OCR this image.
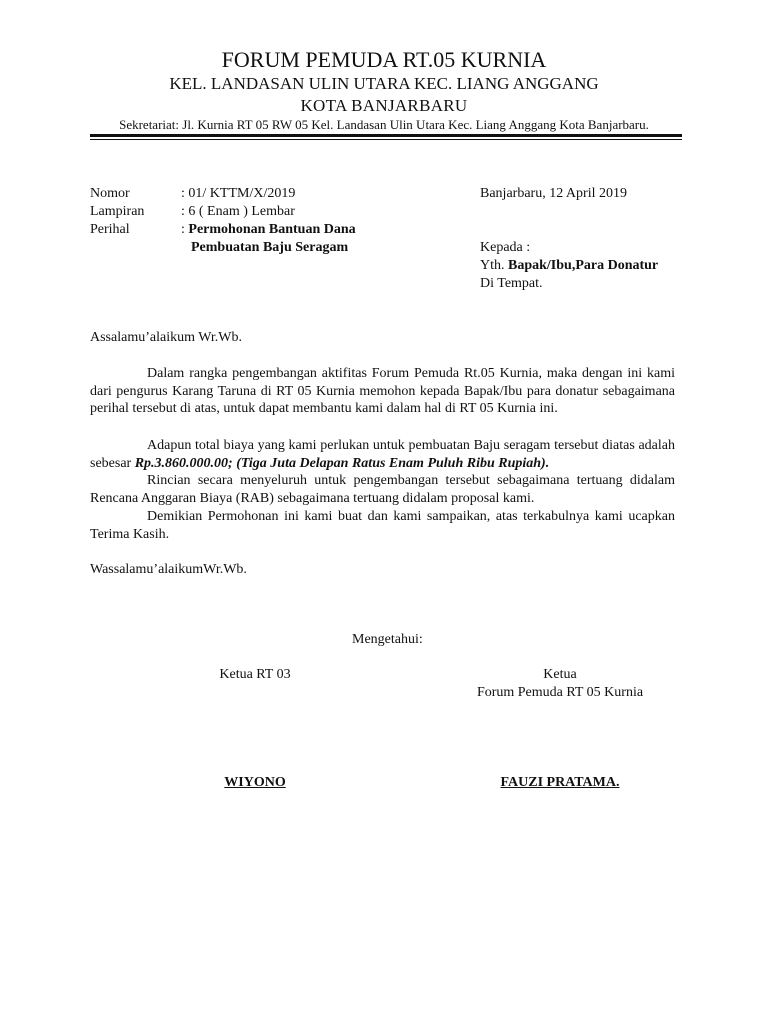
FORUM PEMUDA RT.05 KURNIA
KEL. LANDASAN ULIN UTARA KEC. LIANG ANGGANG
KOTA BANJARBARU
Sekretariat: Jl. Kurnia RT 05 RW 05 Kel. Landasan Ulin Utara Kec. Liang Anggang Kota Banjarbaru.
Nomor	: 01/ KTTM/X/2019
Lampiran	: 6 ( Enam ) Lembar
Perihal	: Permohonan Bantuan Dana
Pembuatan Baju Seragam
Banjarbaru, 12 April 2019
Kepada :
Yth. Bapak/Ibu,Para Donatur
Di Tempat.
Assalamu’alaikum Wr.Wb.
Dalam rangka pengembangan aktifitas Forum Pemuda Rt.05 Kurnia, maka dengan ini kami dari pengurus Karang Taruna di RT 05 Kurnia memohon kepada Bapak/Ibu para donatur sebagaimana perihal tersebut di atas, untuk dapat membantu kami dalam hal di RT 05 Kurnia ini.
Adapun total biaya yang kami perlukan untuk pembuatan Baju seragam tersebut diatas adalah sebesar Rp.3.860.000.00; (Tiga Juta Delapan Ratus Enam Puluh Ribu Rupiah).
Rincian secara menyeluruh untuk pengembangan tersebut sebagaimana tertuang didalam Rencana Anggaran Biaya (RAB) sebagaimana tertuang didalam proposal kami.
Demikian Permohonan ini kami buat dan kami sampaikan, atas terkabulnya kami ucapkan Terima Kasih.
Wassalamu’alaikumWr.Wb.
Mengetahui:
Ketua RT 03
WIYONO
Ketua
Forum Pemuda RT 05 Kurnia
FAUZI PRATAMA.
